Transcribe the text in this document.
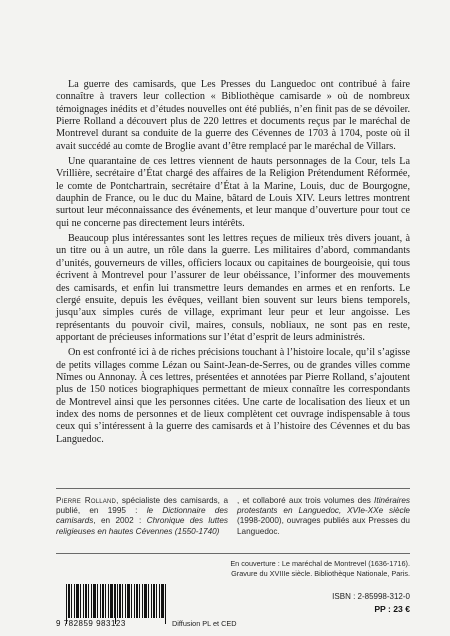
La guerre des camisards, que Les Presses du Languedoc ont contribué à faire connaître à travers leur collection « Bibliothèque camisarde » où de nombreux témoignages inédits et d’études nouvelles ont été publiés, n’en finit pas de se dévoiler. Pierre Rolland a découvert plus de 220 lettres et documents reçus par le maréchal de Montrevel durant sa conduite de la guerre des Cévennes de 1703 à 1704, poste où il avait succédé au comte de Broglie avant d’être remplacé par le maréchal de Villars.

Une quarantaine de ces lettres viennent de hauts personnages de la Cour, tels La Vrillière, secrétaire d’État chargé des affaires de la Religion Prétendument Réformée, le comte de Pontchartrain, secrétaire d’État à la Marine, Louis, duc de Bourgogne, dauphin de France, ou le duc du Maine, bâtard de Louis XIV. Leurs lettres montrent surtout leur méconnaissance des événements, et leur manque d’ouverture pour tout ce qui ne concerne pas directement leurs intérêts.

Beaucoup plus intéressantes sont les lettres reçues de milieux très divers jouant, à un titre ou à un autre, un rôle dans la guerre. Les militaires d’abord, commandants d’unités, gouverneurs de villes, officiers locaux ou capitaines de bourgeoisie, qui tous écrivent à Montrevel pour l’assurer de leur obéissance, l’informer des mouvements des camisards, et enfin lui transmettre leurs demandes en armes et en renforts. Le clergé ensuite, depuis les évêques, veillant bien souvent sur leurs biens temporels, jusqu’aux simples curés de village, exprimant leur peur et leur angoisse. Les représentants du pouvoir civil, maires, consuls, nobliaux, ne sont pas en reste, apportant de précieuses informations sur l’état d’esprit de leurs administrés.

On est confronté ici à de riches précisions touchant à l’histoire locale, qu’il s’agisse de petits villages comme Lézan ou Saint-Jean-de-Serres, ou de grandes villes comme Nîmes ou Annonay. À ces lettres, présentées et annotées par Pierre Rolland, s’ajoutent plus de 150 notices biographiques permettant de mieux connaître les correspondants de Montrevel ainsi que les personnes citées. Une carte de localisation des lieux et un index des noms de personnes et de lieux complètent cet ouvrage indispensable à tous ceux qui s’intéressent à la guerre des camisards et à l’histoire des Cévennes et du bas Languedoc.

Pierre Rolland, spécialiste des camisards, a publié, en 1995 : le Dictionnaire des camisards, en 2002 : Chronique des luttes religieuses en hautes Cévennes (1550-1740)
, et collaboré aux trois volumes des Itinéraires protestants en Languedoc, XVIe-XXe siècle (1998-2000), ouvrages publiés aux Presses du Languedoc.
En couverture : Le maréchal de Montrevel (1636-1716).
Gravure du XVIIIe siècle. Bibliothèque Nationale, Paris.
9 782859 983123	Diffusion PL et CED
ISBN : 2-85998-312-0
PP : 23 €
